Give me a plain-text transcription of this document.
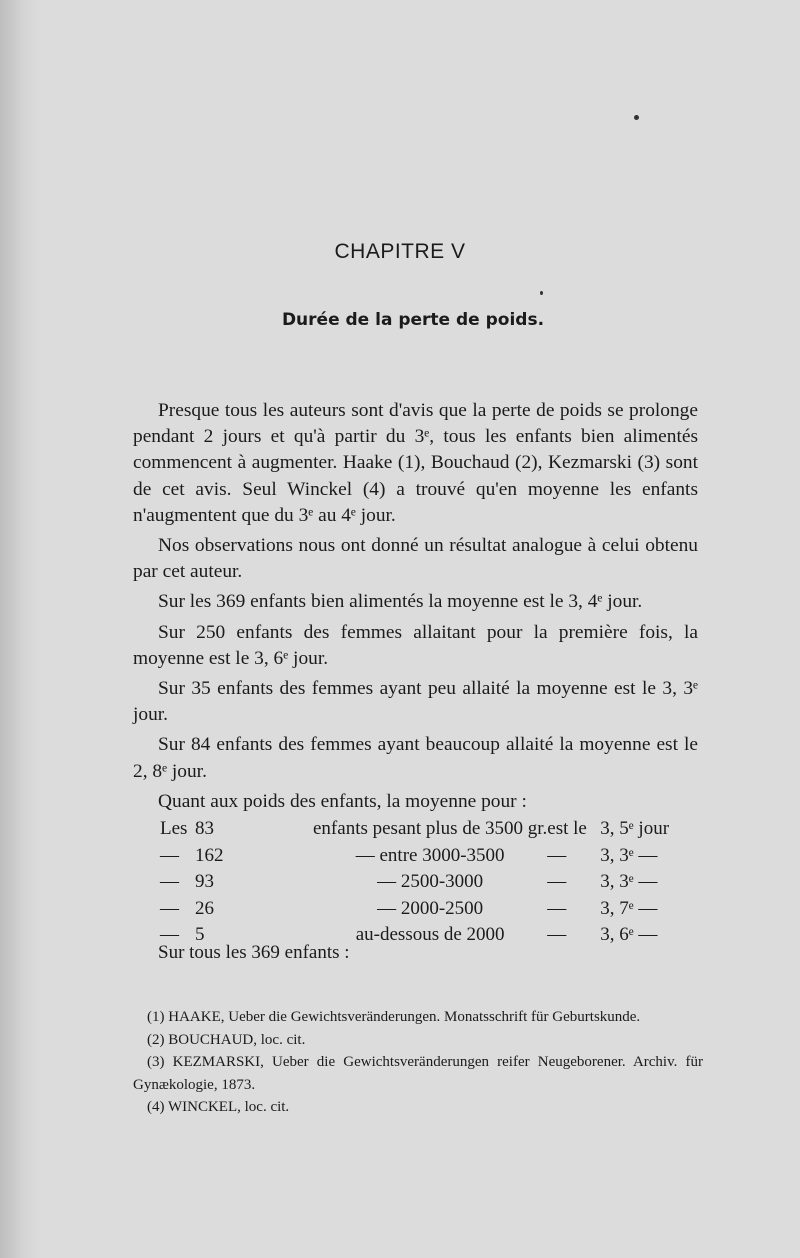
CHAPITRE V
Durée de la perte de poids.

Presque tous les auteurs sont d'avis que la perte de poids se prolonge pendant 2 jours et qu'à partir du 3ᵉ, tous les enfants bien alimentés commencent à augmenter. Haake (1), Bouchaud (2), Kezmarski (3) sont de cet avis. Seul Winckel (4) a trouvé qu'en moyenne les enfants n'augmentent que du 3ᵉ au 4ᵉ jour.

Nos observations nous ont donné un résultat analogue à celui obtenu par cet auteur.

Sur les 369 enfants bien alimentés la moyenne est le 3, 4ᵉ jour.

Sur 250 enfants des femmes allaitant pour la première fois, la moyenne est le 3, 6ᵉ jour.

Sur 35 enfants des femmes ayant peu allaité la moyenne est le 3, 3ᵉ jour.

Sur 84 enfants des femmes ayant beaucoup allaité la moyenne est le 2, 8ᵉ jour.

Quant aux poids des enfants, la moyenne pour :

Les	83	enfants pesant plus de 3500 gr.	est le	3, 5ᵉ jour
—	162	— entre 3000-3500	—	3, 3ᵉ —
—	93	— 2500-3000	—	3, 3ᵉ —
—	26	— 2000-2500	—	3, 7ᵉ —
—	5	au-dessous de 2000	—	3, 6ᵉ —
Sur tous les 369 enfants :

(1) HAAKE, Ueber die Gewichtsveränderungen. Monatsschrift für Geburtskunde.

(2) BOUCHAUD, loc. cit.

(3) KEZMARSKI, Ueber die Gewichtsveränderungen reifer Neugeborener. Archiv. für Gynækologie, 1873.

(4) WINCKEL, loc. cit.
